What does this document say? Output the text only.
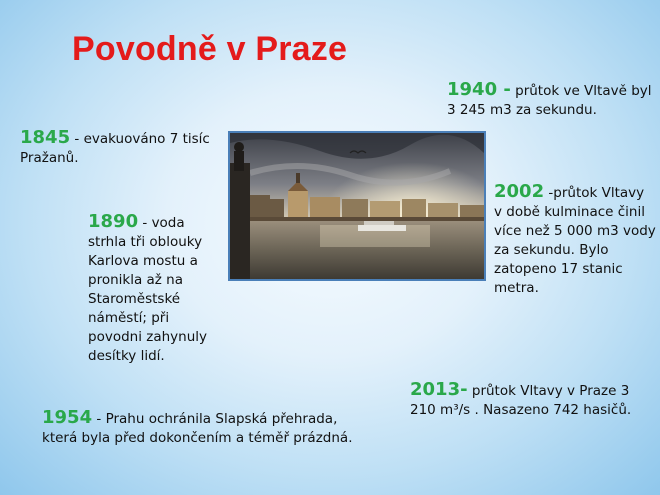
Povodně v Praze
1940 - průtok ve Vltavě byl 3 245 m3 za sekundu.
1845 - evakuováno 7 tisíc Pražanů.
2002 -průtok Vltavy v době kulminace činil více než 5 000 m3 vody za sekundu. Bylo zatopeno 17 stanic metra.
1890 - voda strhla tři oblouky Karlova mostu a pronikla až na Staroměstské náměstí; při povodni zahynuly desítky lidí.
2013- průtok Vltavy v Praze 3 210 m³/s . Nasazeno 742 hasičů.
1954 - Prahu ochránila Slapská přehrada, která byla před dokončením a téměř prázdná.
